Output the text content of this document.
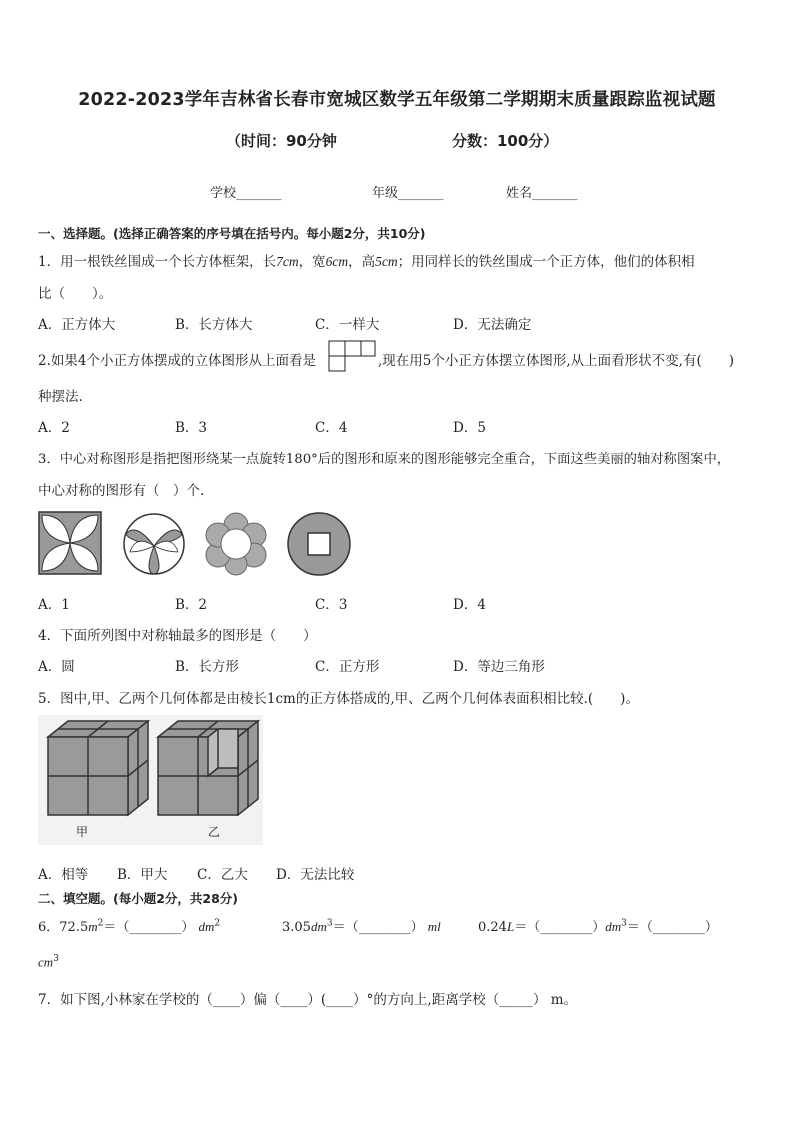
2022-2023学年吉林省长春市宽城区数学五年级第二学期期末质量跟踪监视试题
（时间：90分钟	分数：100分）
学校_______	年级_______	姓名_______
一、选择题。(选择正确答案的序号填在括号内。每小题2分，共10分)
1．用一根铁丝围成一个长方体框架，长7cm，宽6cm，高5cm；用同样长的铁丝围成一个正方体，他们的体积相
比（　　）。
A．正方体大	B．长方体大	C．一样大	D．无法确定
2.如果4个小正方体摆成的立体图形从上面看是	,现在用5个小正方体摆立体图形,从上面看形状不变,有(　　)
种摆法.
A．2	B．3	C．4	D．5
3．中心对称图形是指把图形绕某一点旋转180°后的图形和原来的图形能够完全重合，下面这些美丽的轴对称图案中，
中心对称的图形有（　）个.
A．1	B．2	C．3	D．4
4．下面所列图中对称轴最多的图形是（　　）
A．圆	B．长方形	C．正方形	D．等边三角形
5．图中,甲、乙两个几何体都是由棱长1cm的正方体搭成的,甲、乙两个几何体表面积相比较.(　　)。
甲	乙
A．相等 B．甲大 C．乙大 D．无法比较
二、填空题。(每小题2分，共28分)
6．$72.5m^2=(\_\_\_\_\_\_\_\_)$ $dm^2$	$3.05dm^3=(\_\_\_\_\_\_\_\_)$ ml	$0.24L=(\_\_\_\_\_\_\_\_)dm^3=(\_\_\_\_\_\_\_\_)$
$cm^3$
7．如下图,小林家在学校的（____）偏（____）(____）°的方向上,距离学校（_____） m。
